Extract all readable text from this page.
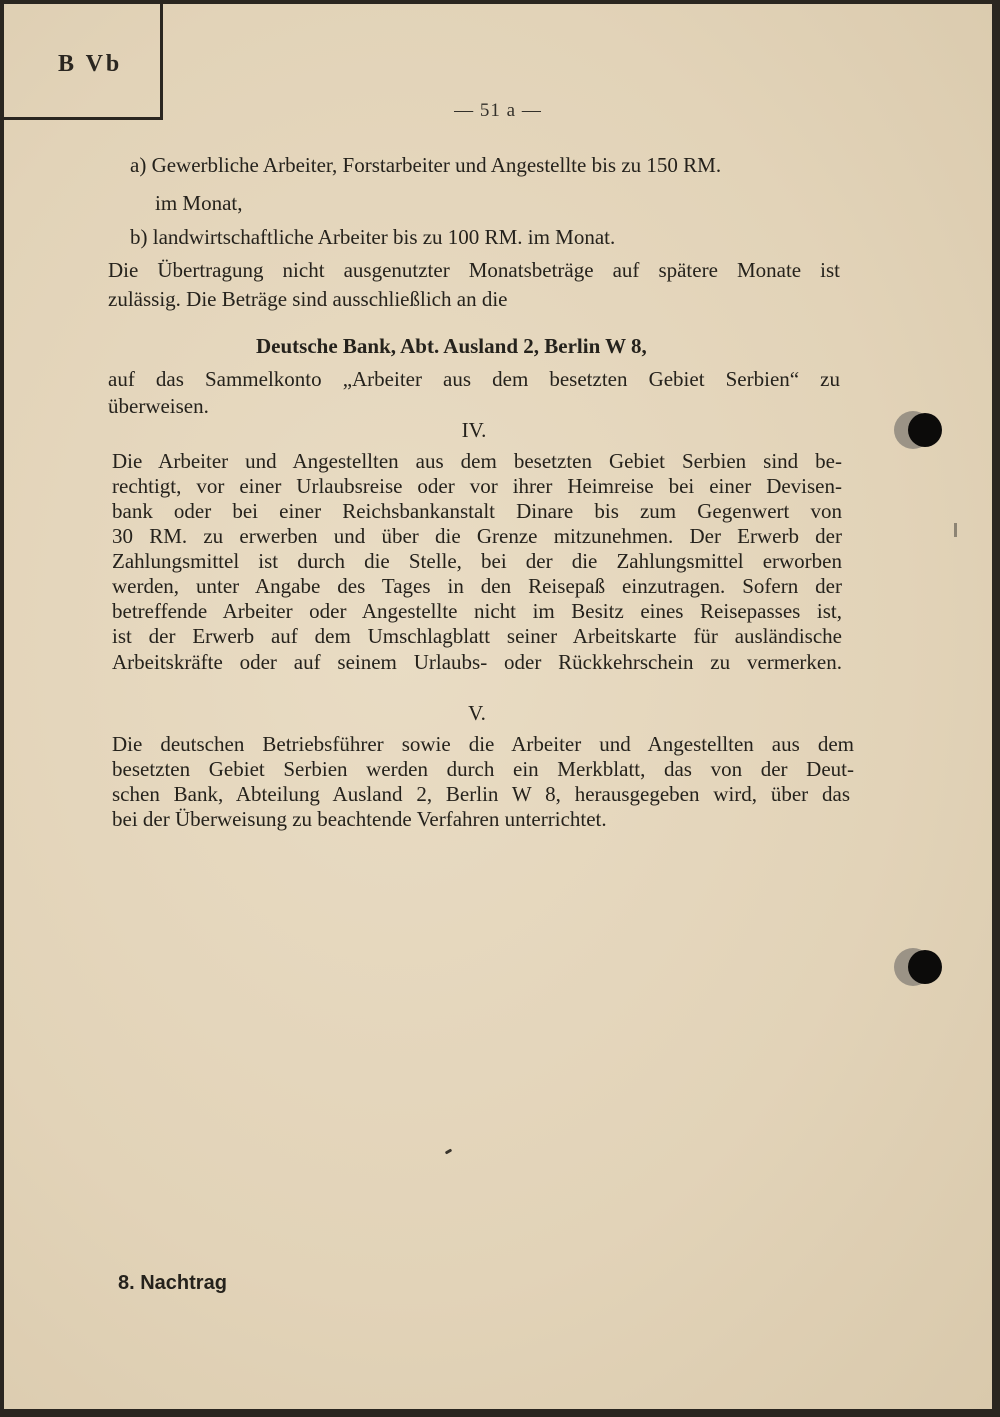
B Vb
— 51 a —
a) Gewerbliche Arbeiter, Forstarbeiter und Angestellte bis zu 150 RM.
im Monat,
b) landwirtschaftliche Arbeiter bis zu 100 RM. im Monat.
Die Übertragung nicht ausgenutzter Monatsbeträge auf spätere Monate ist
zulässig. Die Beträge sind ausschließlich an die
Deutsche Bank, Abt. Ausland 2, Berlin W 8,
auf das Sammelkonto „Arbeiter aus dem besetzten Gebiet Serbien“ zu
überweisen.
IV.
Die Arbeiter und Angestellten aus dem besetzten Gebiet Serbien sind be-
rechtigt, vor einer Urlaubsreise oder vor ihrer Heimreise bei einer Devisen-
bank oder bei einer Reichsbankanstalt Dinare bis zum Gegenwert von
30 RM. zu erwerben und über die Grenze mitzunehmen. Der Erwerb der
Zahlungsmittel ist durch die Stelle, bei der die Zahlungsmittel erworben
werden, unter Angabe des Tages in den Reisepaß einzutragen. Sofern der
betreffende Arbeiter oder Angestellte nicht im Besitz eines Reisepasses ist,
ist der Erwerb auf dem Umschlagblatt seiner Arbeitskarte für ausländische
Arbeitskräfte oder auf seinem Urlaubs- oder Rückkehrschein zu vermerken.
V.
Die deutschen Betriebsführer sowie die Arbeiter und Angestellten aus dem
besetzten Gebiet Serbien werden durch ein Merkblatt, das von der Deut-
schen Bank, Abteilung Ausland 2, Berlin W 8, herausgegeben wird, über das
bei der Überweisung zu beachtende Verfahren unterrichtet.
8. Nachtrag
